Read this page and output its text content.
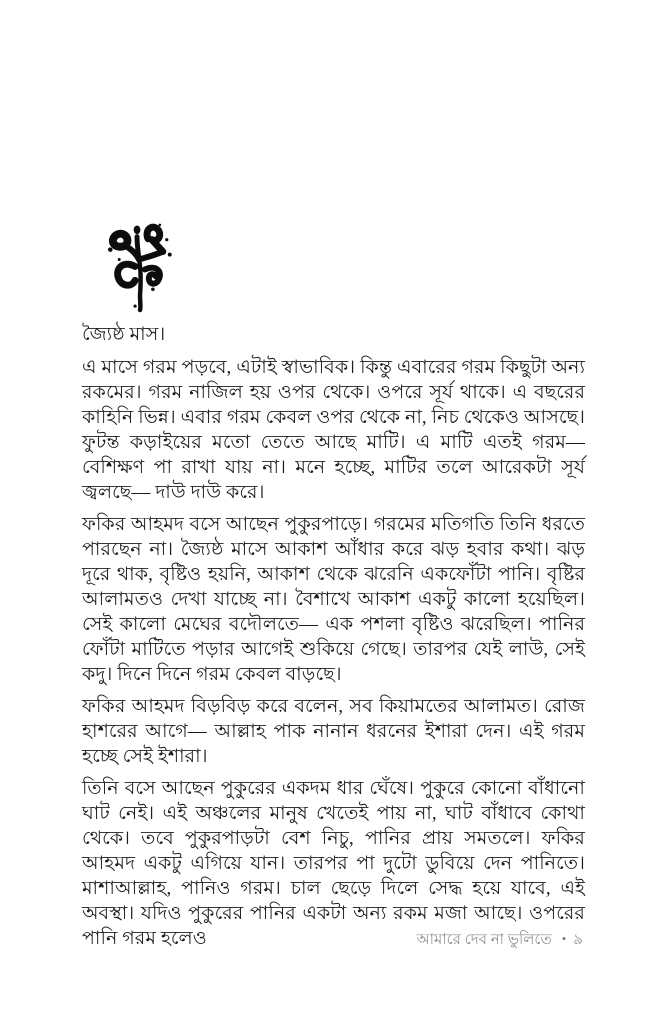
জ্যৈষ্ঠ মাস।

এ মাসে গরম পড়বে, এটাই স্বাভাবিক। কিন্তু এবারের গরম কিছুটা অন্য রকমের। গরম নাজিল হয় ওপর থেকে। ওপরে সূর্য থাকে। এ বছরের কাহিনি ভিন্ন। এবার গরম কেবল ওপর থেকে না, নিচ থেকেও আসছে। ফুটন্ত কড়াইয়ের মতো তেতে আছে মাটি। এ মাটি এতই গরম— বেশিক্ষণ পা রাখা যায় না। মনে হচ্ছে, মাটির তলে আরেকটা সূর্য জ্বলছে— দাউ দাউ করে।

ফকির আহমদ বসে আছেন পুকুরপাড়ে। গরমের মতিগতি তিনি ধরতে পারছেন না। জ্যৈষ্ঠ মাসে আকাশ আঁধার করে ঝড় হবার কথা। ঝড় দূরে থাক, বৃষ্টিও হয়নি, আকাশ থেকে ঝরেনি একফোঁটা পানি। বৃষ্টির আলামতও দেখা যাচ্ছে না। বৈশাখে আকাশ একটু কালো হয়েছিল। সেই কালো মেঘের বদৌলতে— এক পশলা বৃষ্টিও ঝরেছিল। পানির ফোঁটা মাটিতে পড়ার আগেই শুকিয়ে গেছে। তারপর যেই লাউ, সেই কদু। দিনে দিনে গরম কেবল বাড়ছে।

ফকির আহমদ বিড়বিড় করে বলেন, সব কিয়ামতের আলামত। রোজ হাশরের আগে— আল্লাহ পাক নানান ধরনের ইশারা দেন। এই গরম হচ্ছে সেই ইশারা।

তিনি বসে আছেন পুকুরের একদম ধার ঘেঁষে। পুকুরে কোনো বাঁধানো ঘাট নেই। এই অঞ্চলের মানুষ খেতেই পায় না, ঘাট বাঁধাবে কোথা থেকে। তবে পুকুরপাড়টা বেশ নিচু, পানির প্রায় সমতলে। ফকির আহমদ একটু এগিয়ে যান। তারপর পা দুটো ডুবিয়ে দেন পানিতে। মাশাআল্লাহ, পানিও গরম। চাল ছেড়ে দিলে সেদ্ধ হয়ে যাবে, এই অবস্থা। যদিও পুকুরের পানির একটা অন্য রকম মজা আছে। ওপরের পানি গরম হলেও	আমারে দেব না ভুলিতে • ৯
